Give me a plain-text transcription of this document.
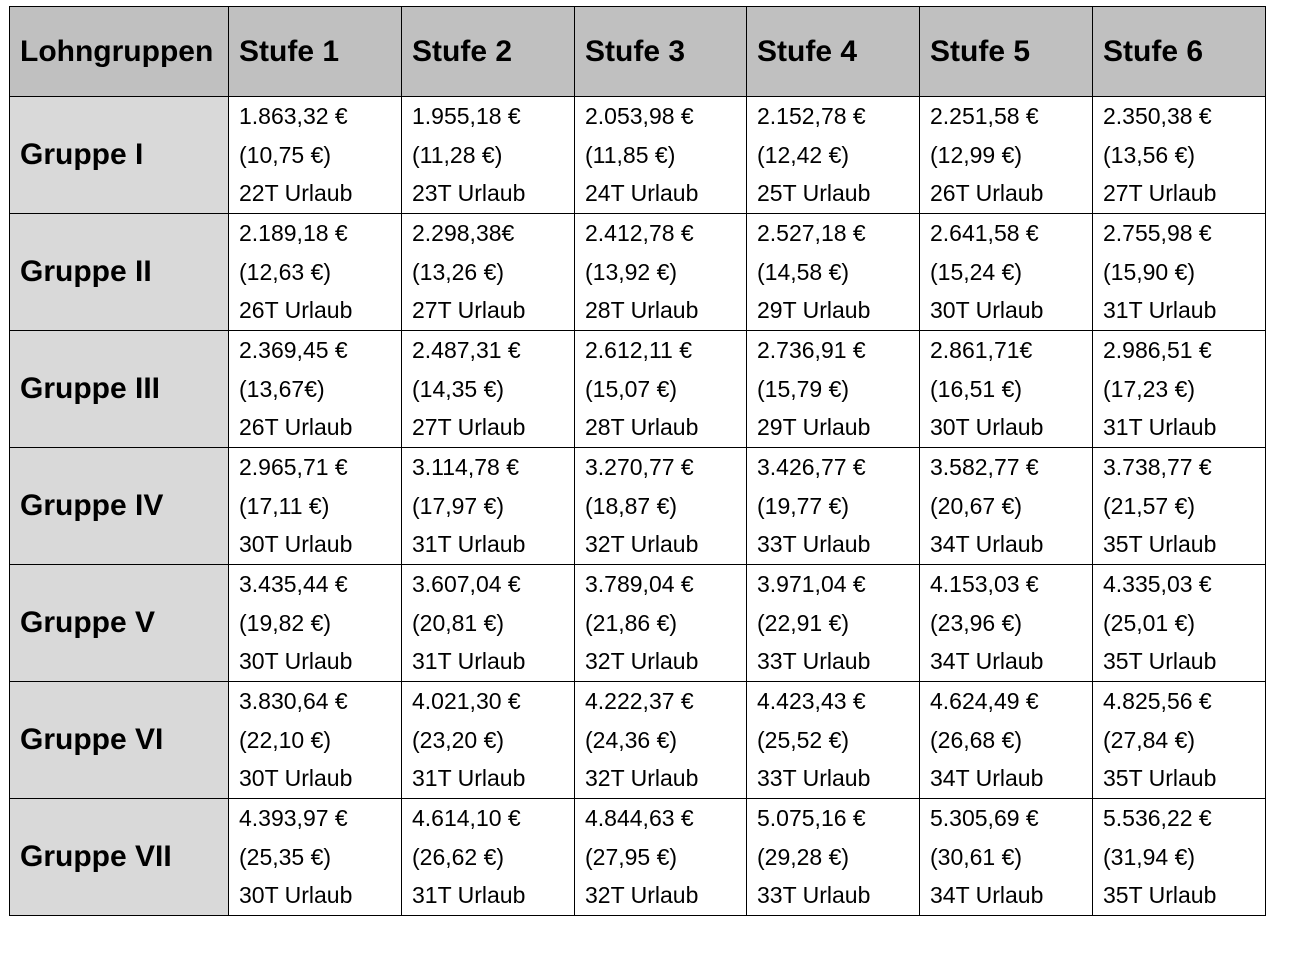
Lohngruppen	Stufe 1	Stufe 2	Stufe 3	Stufe 4	Stufe 5	Stufe 6
Gruppe I	1.863,32 €
(10,75 €)
22T Urlaub	1.955,18 €
(11,28 €)
23T Urlaub	2.053,98 €
(11,85 €)
24T Urlaub	2.152,78 €
(12,42 €)
25T Urlaub	2.251,58 €
(12,99 €)
26T Urlaub	2.350,38 €
(13,56 €)
27T Urlaub

Gruppe II	2.189,18 €
(12,63 €)
26T Urlaub	2.298,38€
(13,26 €)
27T Urlaub	2.412,78 €
(13,92 €)
28T Urlaub	2.527,18 €
(14,58 €)
29T Urlaub	2.641,58 €
(15,24 €)
30T Urlaub	2.755,98 €
(15,90 €)
31T Urlaub

Gruppe III	2.369,45 €
(13,67€)
26T Urlaub	2.487,31 €
(14,35 €)
27T Urlaub	2.612,11 €
(15,07 €)
28T Urlaub	2.736,91 €
(15,79 €)
29T Urlaub	2.861,71€
(16,51 €)
30T Urlaub	2.986,51 €
(17,23 €)
31T Urlaub

Gruppe IV	2.965,71 €
(17,11 €)
30T Urlaub	3.114,78 €
(17,97 €)
31T Urlaub	3.270,77 €
(18,87 €)
32T Urlaub	3.426,77 €
(19,77 €)
33T Urlaub	3.582,77 €
(20,67 €)
34T Urlaub	3.738,77 €
(21,57 €)
35T Urlaub

Gruppe V	3.435,44 €
(19,82 €)
30T Urlaub	3.607,04 €
(20,81 €)
31T Urlaub	3.789,04 €
(21,86 €)
32T Urlaub	3.971,04 €
(22,91 €)
33T Urlaub	4.153,03 €
(23,96 €)
34T Urlaub	4.335,03 €
(25,01 €)
35T Urlaub

Gruppe VI	3.830,64 €
(22,10 €)
30T Urlaub	4.021,30 €
(23,20 €)
31T Urlaub	4.222,37 €
(24,36 €)
32T Urlaub	4.423,43 €
(25,52 €)
33T Urlaub	4.624,49 €
(26,68 €)
34T Urlaub	4.825,56 €
(27,84 €)
35T Urlaub

Gruppe VII	4.393,97 €
(25,35 €)
30T Urlaub	4.614,10 €
(26,62 €)
31T Urlaub	4.844,63 €
(27,95 €)
32T Urlaub	5.075,16 €
(29,28 €)
33T Urlaub	5.305,69 €
(30,61 €)
34T Urlaub	5.536,22 €
(31,94 €)
35T Urlaub
